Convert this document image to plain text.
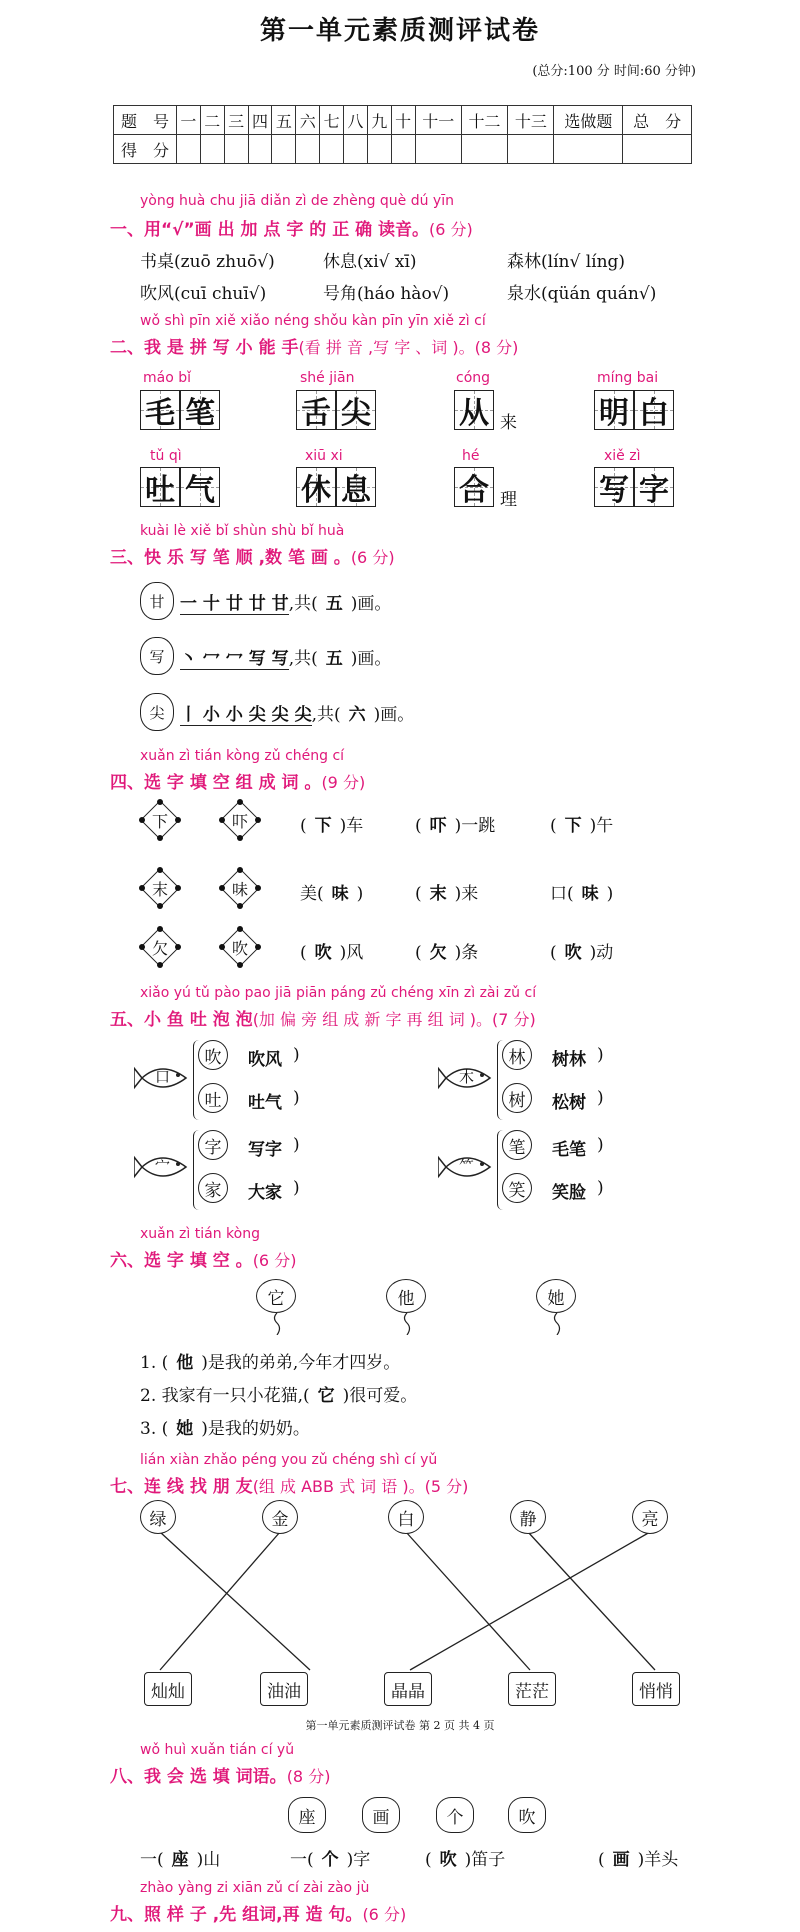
第一单元素质测评试卷
(总分:100 分 时间:60 分钟)
题　号	一	二	三	四	五	六	七	八	九	十	十一	十二	十三	选做题	总　分
得　分															
yòng huà chu jiā diǎn zì de zhèng què dú yīn
一、用“√”画 出 加 点 字 的 正 确 读音。(6 分)
书桌(zuō zhuō√)	休息(xi√ xī)	森林(lín√ líng)
吹风(cuī chuī√)	号角(háo hào√)	泉水(qüán quán√)
wǒ shì pīn xiě xiǎo néng shǒu kàn pīn yīn xiě zì cí
二、我 是 拼 写 小 能 手(看 拼 音 ,写 字 、词 )。(8 分)
máo bǐ
毛 笔
shé jiān
舌 尖
cóng
从 来
míng bai
明 白
tǔ qì
吐 气
xiū xi
休 息
hé
合 理
xiě zì
写 字
kuài lè xiě bǐ shùn shù bǐ huà
三、快 乐 写 笔 顺 ,数 笔 画 。(6 分)
甘 一 十 廿 廿 甘,共( 五 )画。
写 丶 冖 冖 写 写,共( 五 )画。
尖 丨 小 小 尖 尖 尖,共( 六 )画。
xuǎn zì tián kòng zǔ chéng cí
四、选 字 填 空 组 成 词 。(9 分)
下	吓	( 下 )车	( 吓 )一跳	( 下 )午
末	味	美( 味 )	( 末 )来	口( 味 )
欠	吹	( 吹 )风	( 欠 )条	( 吹 )动
xiǎo yú tǔ pào pao jiā piān páng zǔ chéng xīn zì zài zǔ cí
五、小 鱼 吐 泡 泡(加 偏 旁 组 成 新 字 再 组 词 )。(7 分)
口
吹	吹风 )
吐	吐气 )
木
林	树林 )
树	松树 )
宀
字	写字 )
家	大家 )
⺮
笔	毛笔 )
笑	笑脸 )
xuǎn zì tián kòng
六、选 字 填 空 。(6 分)
它	他	她
1. ( 他 )是我的弟弟,今年才四岁。
2. 我家有一只小花猫,( 它 )很可爱。
3. ( 她 )是我的奶奶。
lián xiàn zhǎo péng you zǔ chéng shì cí yǔ
七、连 线 找 朋 友(组 成 ABB 式 词 语 )。(5 分)
绿	金	白	静	亮
灿灿	油油	晶晶	茫茫	悄悄
第一单元素质测评试卷 第 2 页 共 4 页
wǒ huì xuǎn tián cí yǔ
八、我 会 选 填 词语。(8 分)
座	画	个	吹
一( 座 )山	一( 个 )字	( 吹 )笛子	( 画 )羊头
zhào yàng zi xiān zǔ cí zài zào jù
九、照 样 子 ,先 组词,再 造 句。(6 分)
